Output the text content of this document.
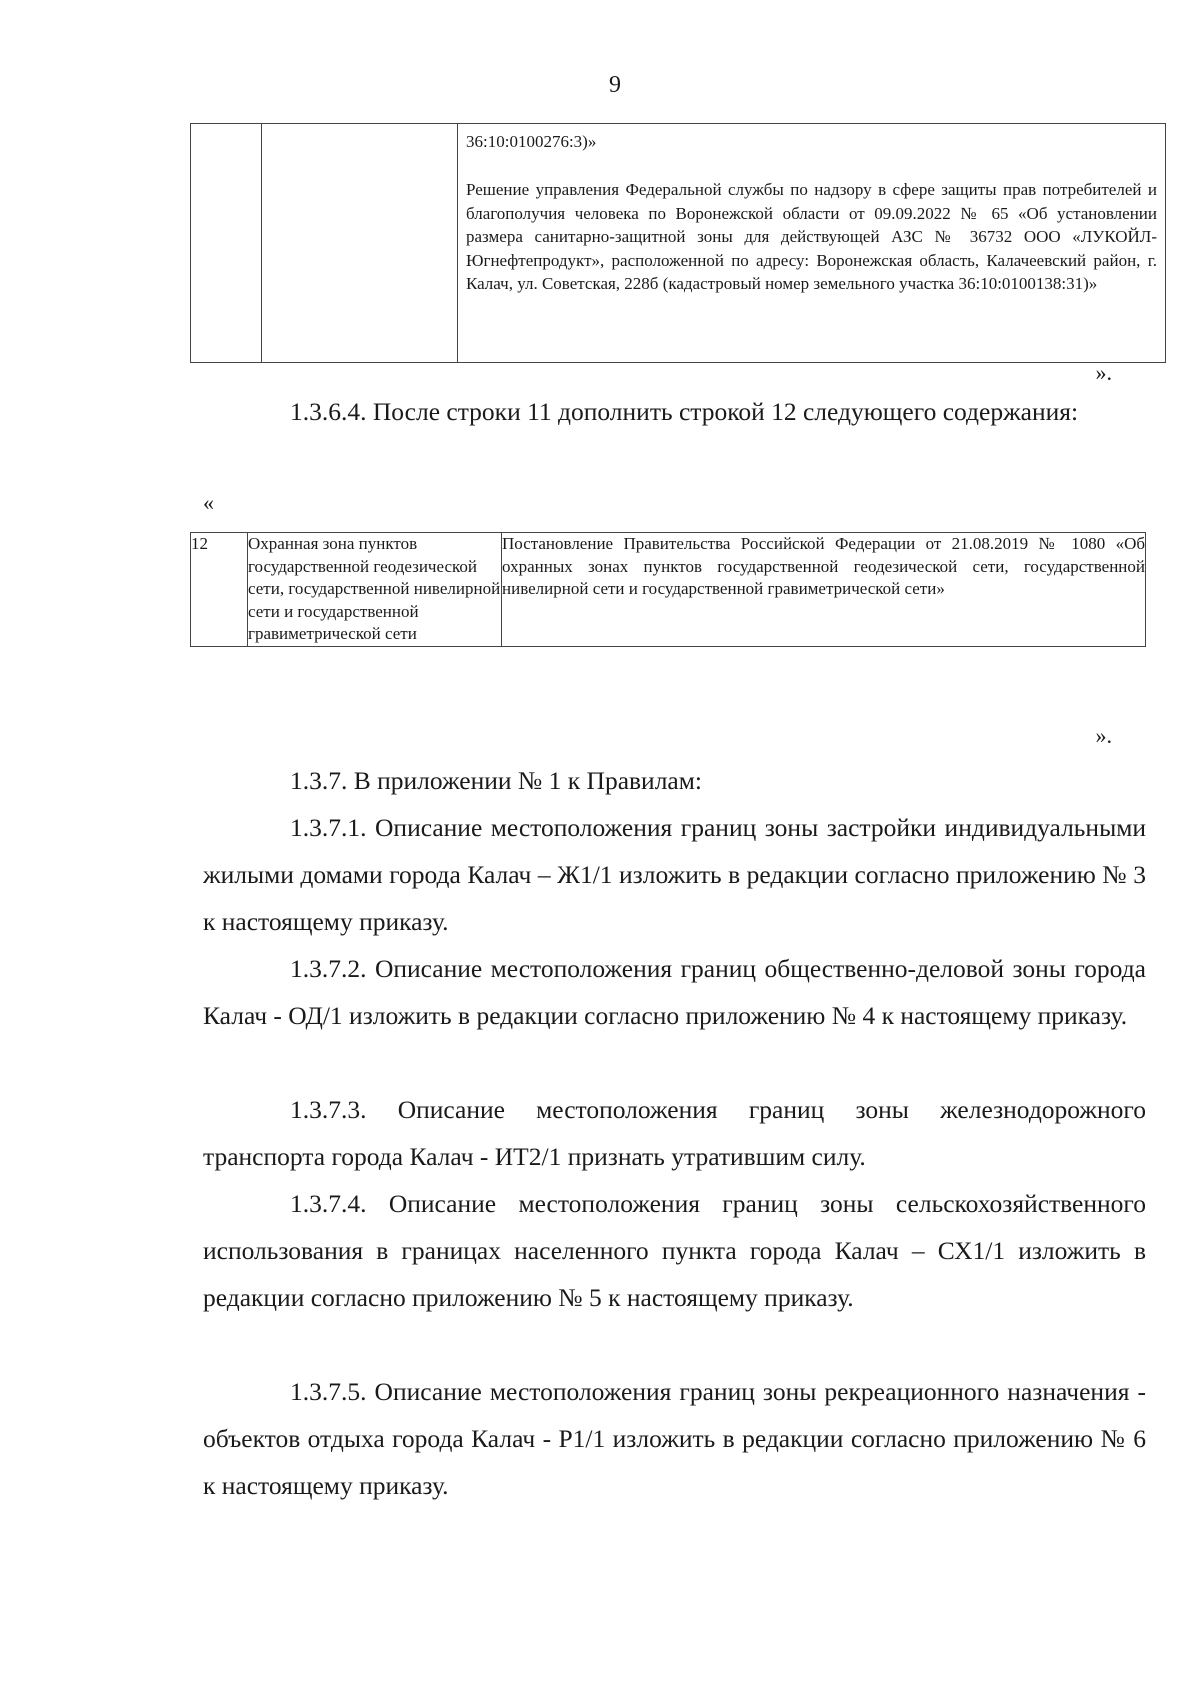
9

36:10:0100276:3)»

Решение управления Федеральной службы по надзору в сфере защиты прав потребителей и благополучия человека по Воронежской области от 09.09.2022 № 65 «Об установлении размера санитарно-защитной зоны для действующей АЗС № 36732 ООО «ЛУКОЙЛ-Югнефтепродукт», расположенной по адресу: Воронежская область, Калачеевский район, г. Калач, ул. Советская, 228б (кадастровый номер земельного участка 36:10:0100138:31)»

».

1.3.6.4. После строки 11 дополнить строкой 12 следующего содержания:

«
12	Охранная зона пунктов государственной геодезической сети, государственной нивелирной сети и государственной гравиметрической сети	Постановление Правительства Российской Федерации от 21.08.2019 № 1080 «Об охранных зонах пунктов государственной геодезической сети, государственной нивелирной сети и государственной гравиметрической сети»
».

1.3.7. В приложении № 1 к Правилам:

1.3.7.1. Описание местоположения границ зоны застройки индивидуальными жилыми домами города Калач – Ж1/1 изложить в редакции согласно приложению № 3 к настоящему приказу.

1.3.7.2. Описание местоположения границ общественно-деловой зоны города Калач - ОД/1 изложить в редакции согласно приложению № 4 к настоящему приказу.

1.3.7.3. Описание местоположения границ зоны железнодорожного транспорта города Калач - ИТ2/1 признать утратившим силу.

1.3.7.4. Описание местоположения границ зоны сельскохозяйственного использования в границах населенного пункта города Калач – СХ1/1 изложить в редакции согласно приложению № 5 к настоящему приказу.

1.3.7.5. Описание местоположения границ зоны рекреационного назначения - объектов отдыха города Калач - Р1/1 изложить в редакции согласно приложению № 6 к настоящему приказу.
